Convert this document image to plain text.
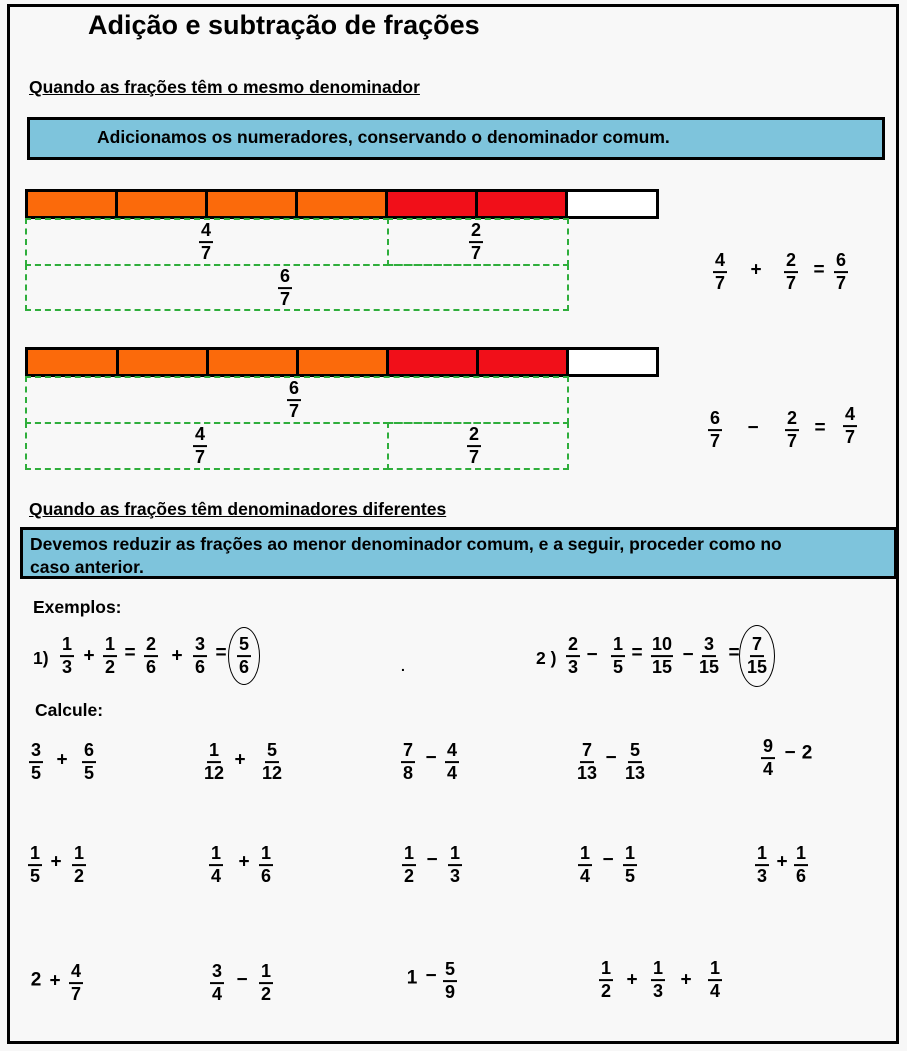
Adição e subtração de frações
Quando as frações têm o mesmo denominador
Adicionamos os numeradores, conservando o denominador comum.
$\frac{4}{7}$	$\frac{2}{7}$
$\frac{6}{7}$	$\frac{4}{7} + \frac{2}{7} = \frac{6}{7}$
$\frac{6}{7}$
$\frac{4}{7}$	$\frac{2}{7}$	$\frac{6}{7} - \frac{2}{7} = \frac{4}{7}$
Quando as frações têm denominadores diferentes
Devemos reduzir as frações ao menor denominador comum, e a seguir, proceder como no
caso anterior.
Exemplos:
$1) \frac{1}{3} + \frac{1}{2} = \frac{2}{6} + \frac{3}{6} = \frac{5}{6}$	.	2 ) $\frac{2}{3} - \frac{1}{5} = \frac{10}{15} - \frac{3}{15} = \frac{7}{15}$
Calcule:
$\frac{3}{5} + \frac{6}{5}$	$\frac{1}{12} + \frac{5}{12}$	$\frac{7}{8} - \frac{4}{4}$	$\frac{7}{13} - \frac{5}{13}$	$\frac{9}{4} - 2$
$\frac{1}{5} + \frac{1}{2}$	$\frac{1}{4} + \frac{1}{6}$	$\frac{1}{2} - \frac{1}{3}$	$\frac{1}{4} - \frac{1}{5}$	$\frac{1}{3} + \frac{1}{6}$
$2 + \frac{4}{7}$	$\frac{3}{4} - \frac{1}{2}$	$1 - \frac{5}{9}$	$\frac{1}{2} + \frac{1}{3} + \frac{1}{4}$
